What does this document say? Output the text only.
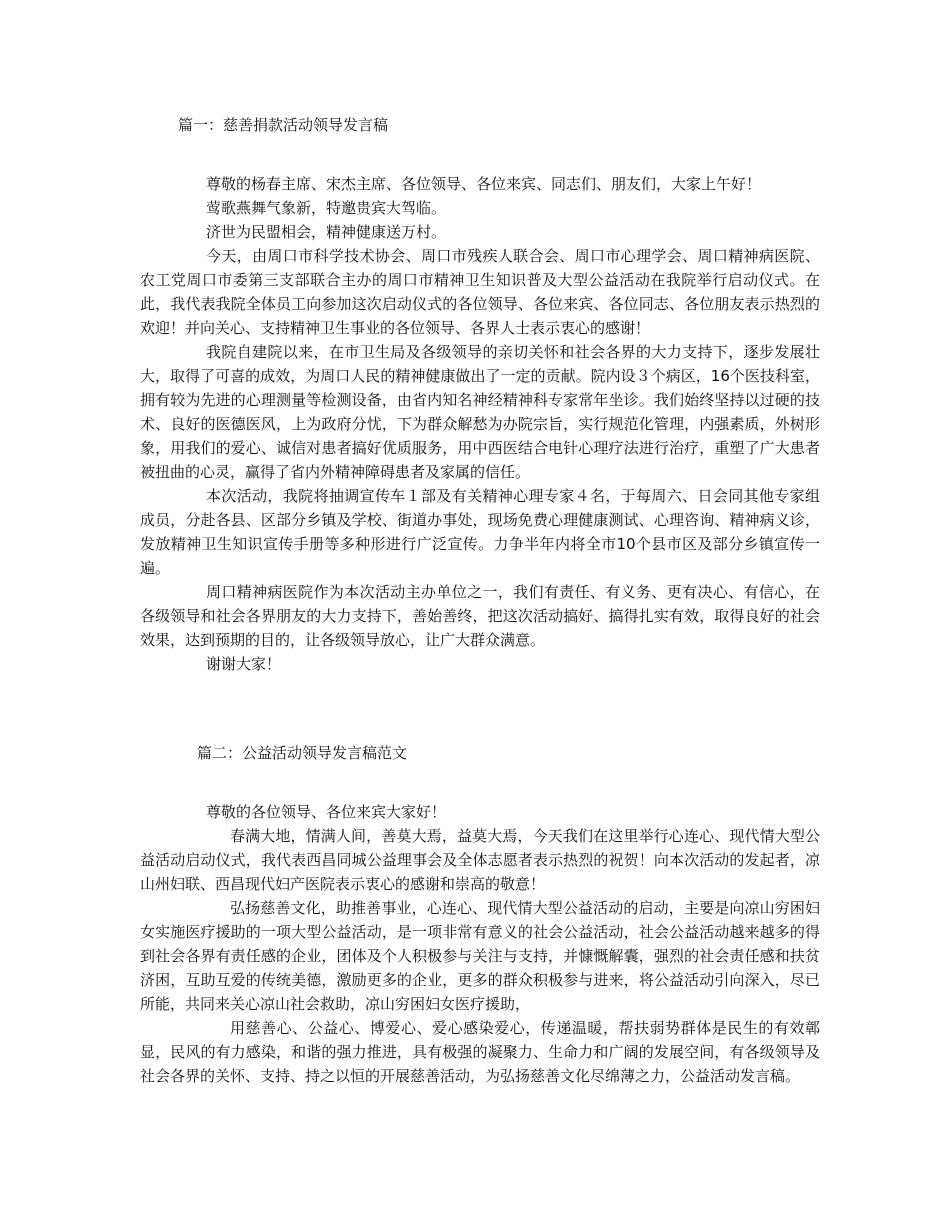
篇一：慈善捐款活动领导发言稿

尊敬的杨春主席、宋杰主席、各位领导、各位来宾、同志们、朋友们，大家上午好！

莺歌燕舞气象新，特邀贵宾大驾临。

济世为民盟相会，精神健康送万村。

今天，由周口市科学技术协会、周口市残疾人联合会、周口市心理学会、周口精神病医院、农工党周口市委第三支部联合主办的周口市精神卫生知识普及大型公益活动在我院举行启动仪式。在此，我代表我院全体员工向参加这次启动仪式的各位领导、各位来宾、各位同志、各位朋友表示热烈的欢迎！并向关心、支持精神卫生事业的各位领导、各界人士表示衷心的感谢！

我院自建院以来，在市卫生局及各级领导的亲切关怀和社会各界的大力支持下，逐步发展壮大，取得了可喜的成效，为周口人民的精神健康做出了一定的贡献。院内设３个病区，16个医技科室，拥有较为先进的心理测量等检测设备，由省内知名神经精神科专家常年坐诊。我们始终坚持以过硬的技术、良好的医德医风，上为政府分忧，下为群众解愁为办院宗旨，实行规范化管理，内强素质，外树形象，用我们的爱心、诚信对患者搞好优质服务，用中西医结合电针心理疗法进行治疗，重塑了广大患者被扭曲的心灵，赢得了省内外精神障碍患者及家属的信任。

本次活动，我院将抽调宣传车１部及有关精神心理专家４名，于每周六、日会同其他专家组成员，分赴各县、区部分乡镇及学校、街道办事处，现场免费心理健康测试、心理咨询、精神病义诊，发放精神卫生知识宣传手册等多种形进行广泛宣传。力争半年内将全市10个县市区及部分乡镇宣传一遍。

周口精神病医院作为本次活动主办单位之一，我们有责任、有义务、更有决心、有信心，在各级领导和社会各界朋友的大力支持下，善始善终，把这次活动搞好、搞得扎实有效，取得良好的社会效果，达到预期的目的，让各级领导放心，让广大群众满意。

谢谢大家！

篇二：公益活动领导发言稿范文

尊敬的各位领导、各位来宾大家好！

春满大地，情满人间，善莫大焉，益莫大焉，今天我们在这里举行心连心、现代情大型公益活动启动仪式，我代表西昌同城公益理事会及全体志愿者表示热烈的祝贺！向本次活动的发起者，凉山州妇联、西昌现代妇产医院表示衷心的感谢和崇高的敬意！

弘扬慈善文化，助推善事业，心连心、现代情大型公益活动的启动，主要是向凉山穷困妇女实施医疗援助的一项大型公益活动，是一项非常有意义的社会公益活动，社会公益活动越来越多的得到社会各界有责任感的企业，团体及个人积极参与关注与支持，并慷慨解囊，强烈的社会责任感和扶贫济困，互助互爱的传统美德，激励更多的企业，更多的群众积极参与进来，将公益活动引向深入，尽已所能，共同来关心凉山社会救助，凉山穷困妇女医疗援助，

用慈善心、公益心、博爱心、爱心感染爱心，传递温暖，帮扶弱势群体是民生的有效鄣显，民风的有力感染，和谐的强力推进，具有极强的凝聚力、生命力和广阔的发展空间，有各级领导及社会各界的关怀、支持、持之以恒的开展慈善活动，为弘扬慈善文化尽绵薄之力，公益活动发言稿。
